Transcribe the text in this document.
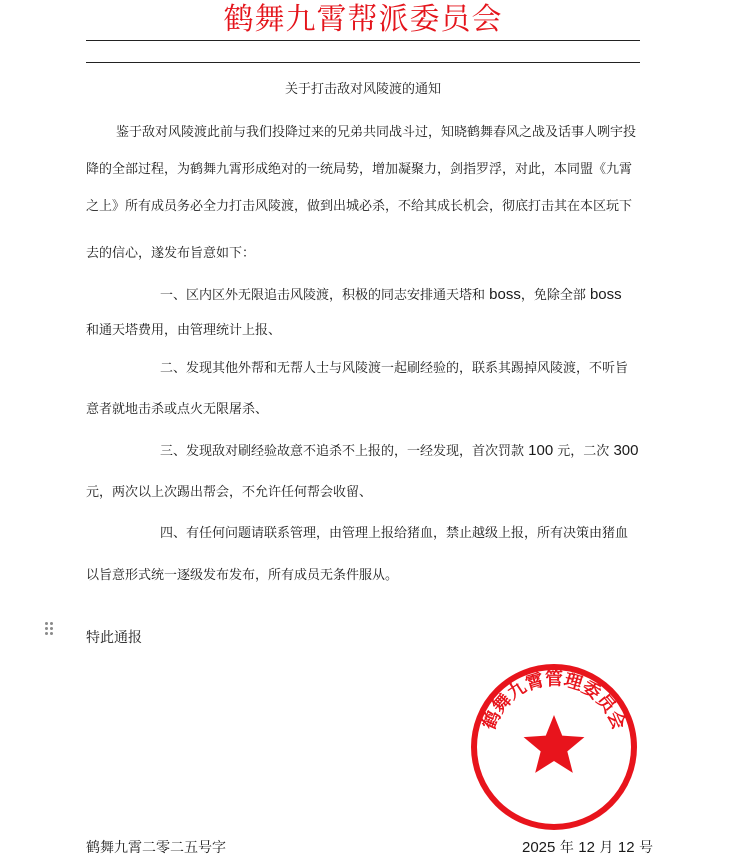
鹤舞九霄帮派委员会
关于打击敌对风陵渡的通知
鉴于敌对风陵渡此前与我们投降过来的兄弟共同战斗过，知晓鹤舞春风之战及话事人咧宇投
降的全部过程，为鹤舞九霄形成绝对的一统局势，增加凝聚力，剑指罗浮，对此，本同盟《九霄
之上》所有成员务必全力打击风陵渡，做到出城必杀，不给其成长机会，彻底打击其在本区玩下
去的信心，遂发布旨意如下：
一、区内区外无限追击风陵渡，积极的同志安排通天塔和 boss，免除全部 boss
和通天塔费用，由管理统计上报、
二、发现其他外帮和无帮人士与风陵渡一起刷经验的，联系其踢掉风陵渡，不听旨
意者就地击杀或点火无限屠杀、
三、发现敌对刷经验故意不追杀不上报的，一经发现，首次罚款 100 元，二次 300
元，两次以上次踢出帮会，不允许任何帮会收留、
四、有任何问题请联系管理，由管理上报给猪血，禁止越级上报，所有决策由猪血
以旨意形式统一逐级发布发布，所有成员无条件服从。
特此通报
鹤舞九霄管理委员会
鹤舞九霄二零二五号字	2025 年 12 月 12 号
